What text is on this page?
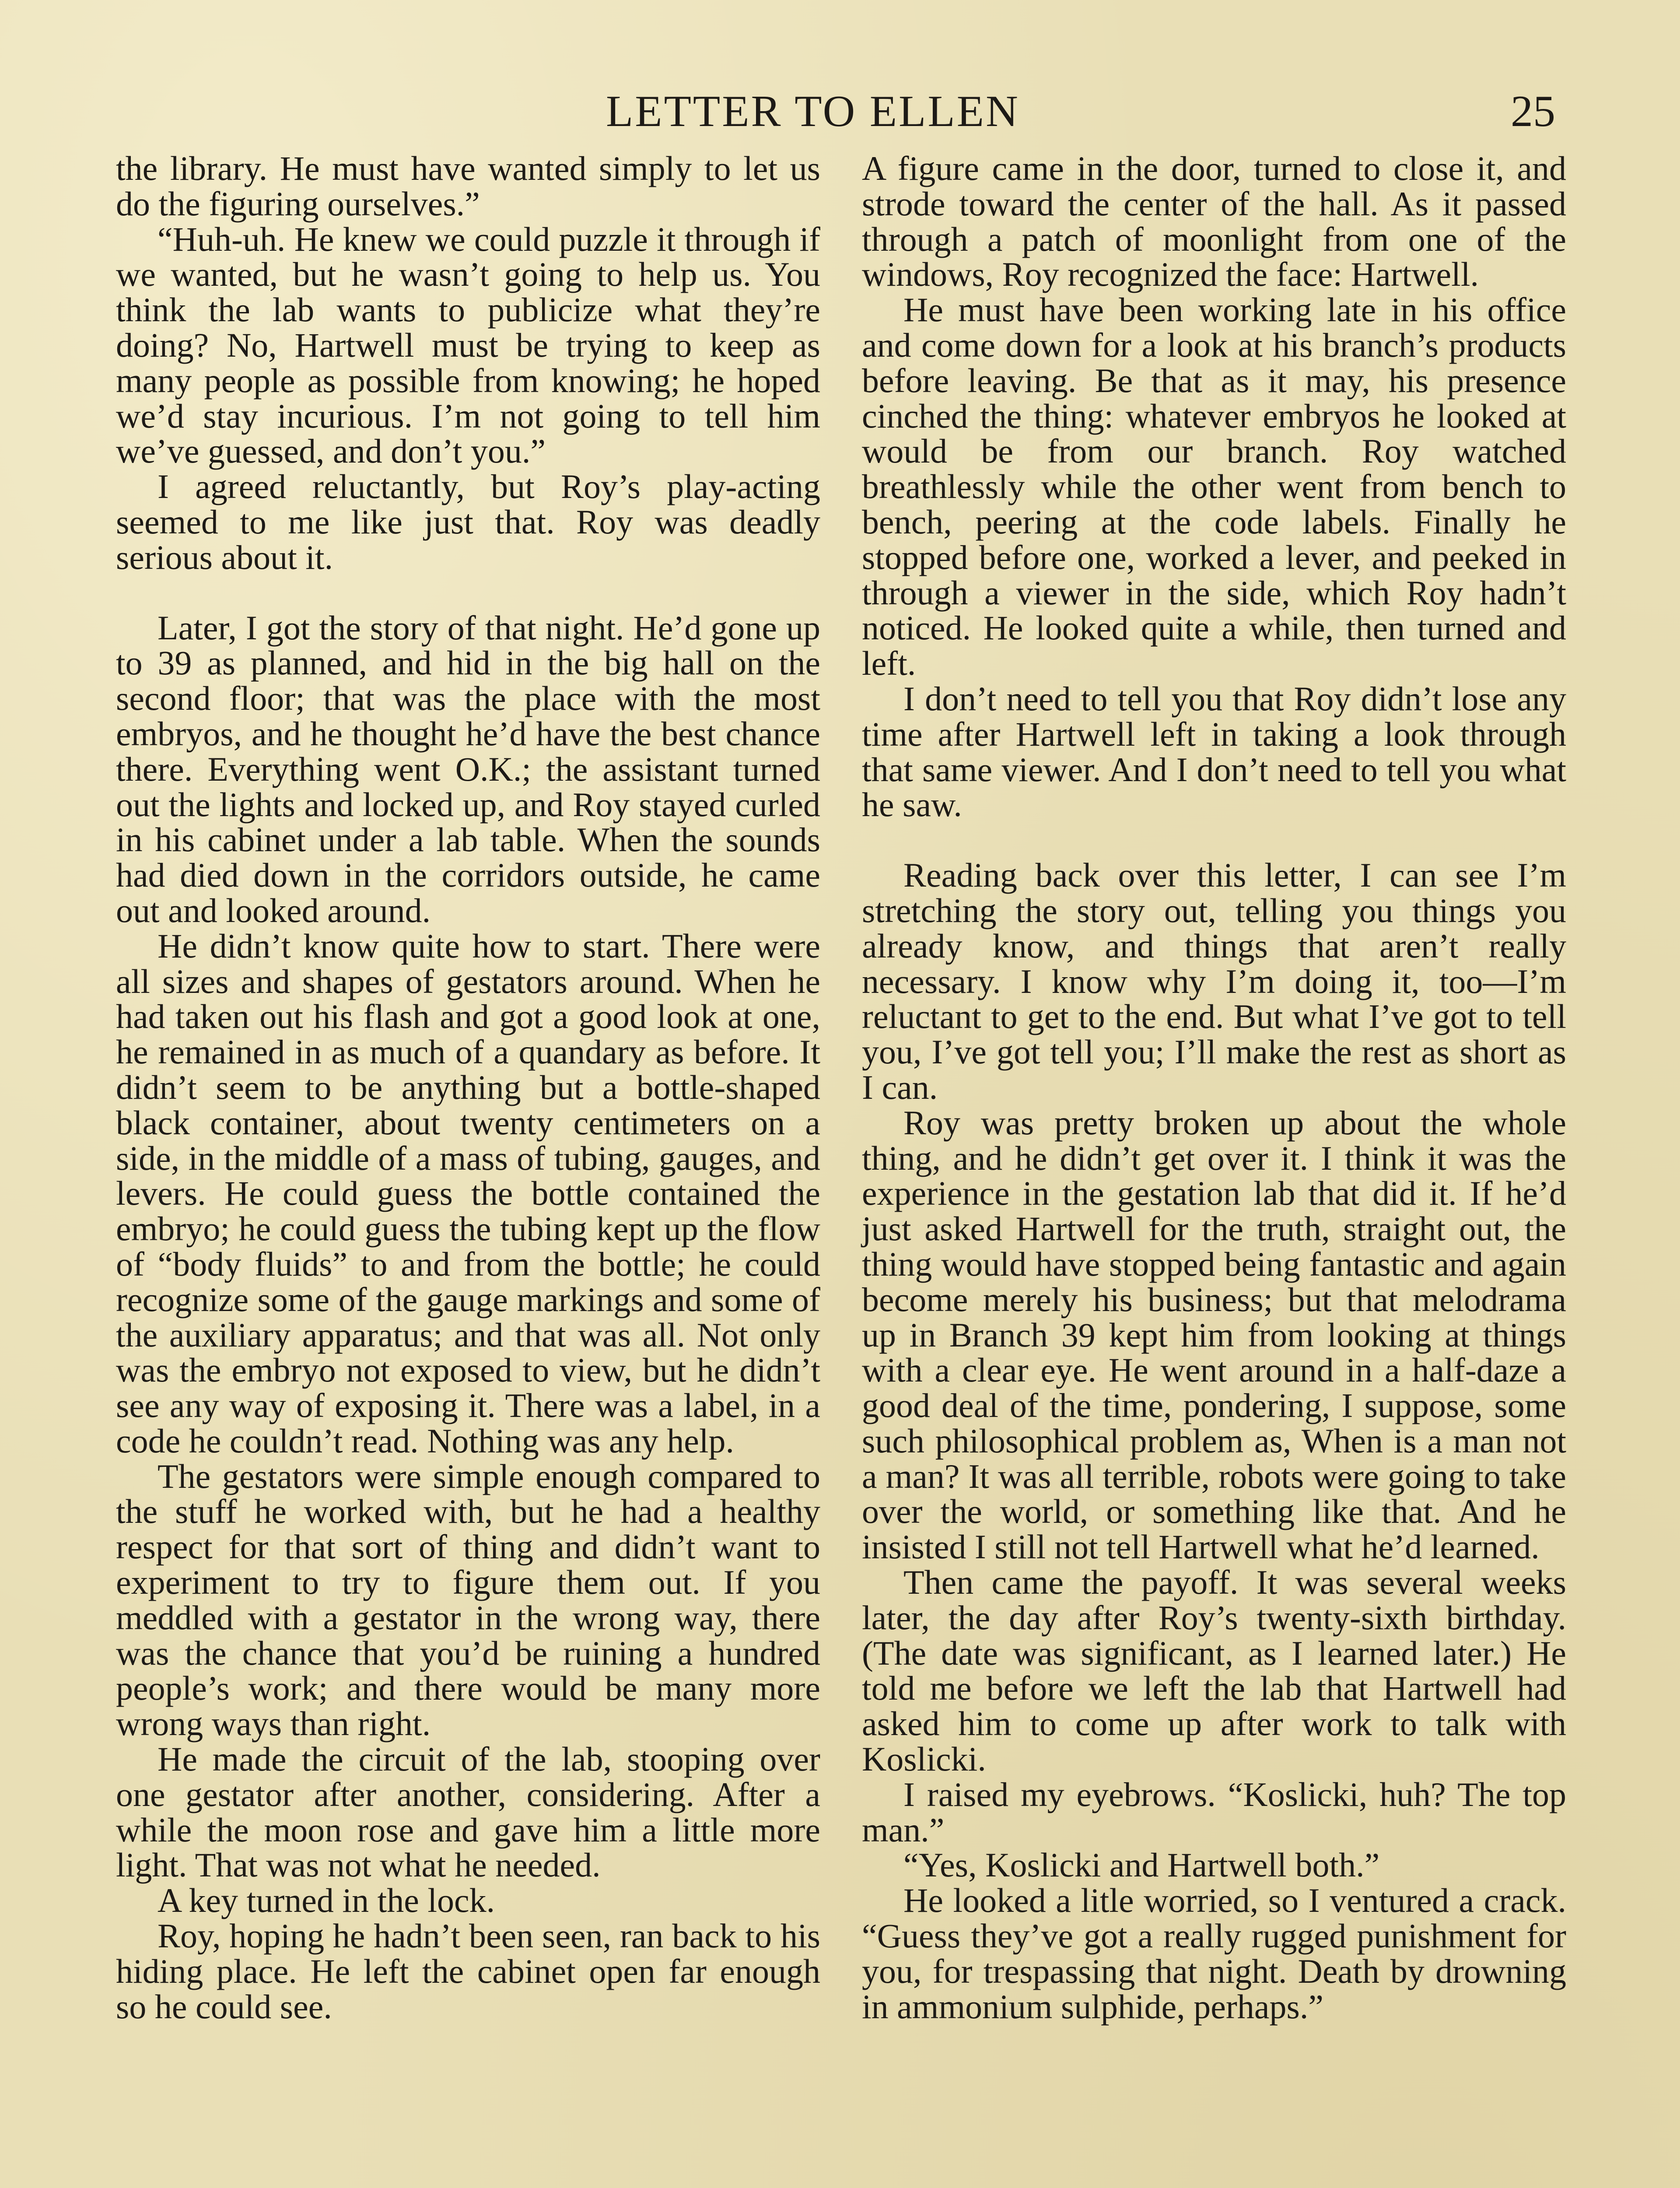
LETTER TO ELLEN	25

the library. He must have wanted simply to let us do the figuring ourselves.”

“Huh-uh. He knew we could puzzle it through if we wanted, but he wasn’t going to help us. You think the lab wants to publicize what they’re doing? No, Hartwell must be trying to keep as many people as possible from knowing; he hoped we’d stay incurious. I’m not going to tell him we’ve guessed, and don’t you.”

I agreed reluctantly, but Roy’s play-acting seemed to me like just that. Roy was deadly serious about it.

Later, I got the story of that night. He’d gone up to 39 as planned, and hid in the big hall on the second floor; that was the place with the most embryos, and he thought he’d have the best chance there. Everything went O.K.; the assistant turned out the lights and locked up, and Roy stayed curled in his cabinet under a lab table. When the sounds had died down in the corridors outside, he came out and looked around.

He didn’t know quite how to start. There were all sizes and shapes of gestators around. When he had taken out his flash and got a good look at one, he remained in as much of a quandary as before. It didn’t seem to be anything but a bottle-shaped black container, about twenty centimeters on a side, in the middle of a mass of tubing, gauges, and levers. He could guess the bottle contained the embryo; he could guess the tubing kept up the flow of “body fluids” to and from the bottle; he could recognize some of the gauge markings and some of the auxiliary apparatus; and that was all. Not only was the embryo not exposed to view, but he didn’t see any way of exposing it. There was a label, in a code he couldn’t read. Nothing was any help.

The gestators were simple enough compared to the stuff he worked with, but he had a healthy respect for that sort of thing and didn’t want to experiment to try to figure them out. If you meddled with a gestator in the wrong way, there was the chance that you’d be ruining a hundred people’s work; and there would be many more wrong ways than right.

He made the circuit of the lab, stooping over one gestator after another, considering. After a while the moon rose and gave him a little more light. That was not what he needed.

A key turned in the lock.

Roy, hoping he hadn’t been seen, ran back to his hiding place. He left the cabinet open far enough so he could see.

A figure came in the door, turned to close it, and strode toward the center of the hall. As it passed through a patch of moonlight from one of the windows, Roy recognized the face: Hartwell.

He must have been working late in his office and come down for a look at his branch’s products before leaving. Be that as it may, his presence cinched the thing: whatever embryos he looked at would be from our branch. Roy watched breathlessly while the other went from bench to bench, peering at the code labels. Finally he stopped before one, worked a lever, and peeked in through a viewer in the side, which Roy hadn’t noticed. He looked quite a while, then turned and left.

I don’t need to tell you that Roy didn’t lose any time after Hartwell left in taking a look through that same viewer. And I don’t need to tell you what he saw.

Reading back over this letter, I can see I’m stretching the story out, telling you things you already know, and things that aren’t really necessary. I know why I’m doing it, too—I’m reluctant to get to the end. But what I’ve got to tell you, I’ve got tell you; I’ll make the rest as short as I can.

Roy was pretty broken up about the whole thing, and he didn’t get over it. I think it was the experience in the gestation lab that did it. If he’d just asked Hartwell for the truth, straight out, the thing would have stopped being fantastic and again become merely his business; but that melodrama up in Branch 39 kept him from looking at things with a clear eye. He went around in a half-daze a good deal of the time, pondering, I suppose, some such philosophical problem as, When is a man not a man? It was all terrible, robots were going to take over the world, or something like that. And he insisted I still not tell Hartwell what he’d learned.

Then came the payoff. It was several weeks later, the day after Roy’s twenty-sixth birthday. (The date was significant, as I learned later.) He told me before we left the lab that Hartwell had asked him to come up after work to talk with Koslicki.

I raised my eyebrows. “Koslicki, huh? The top man.”

“Yes, Koslicki and Hartwell both.”

He looked a litle worried, so I ventured a crack. “Guess they’ve got a really rugged punishment for you, for trespassing that night. Death by drowning in ammonium sulphide, perhaps.”
